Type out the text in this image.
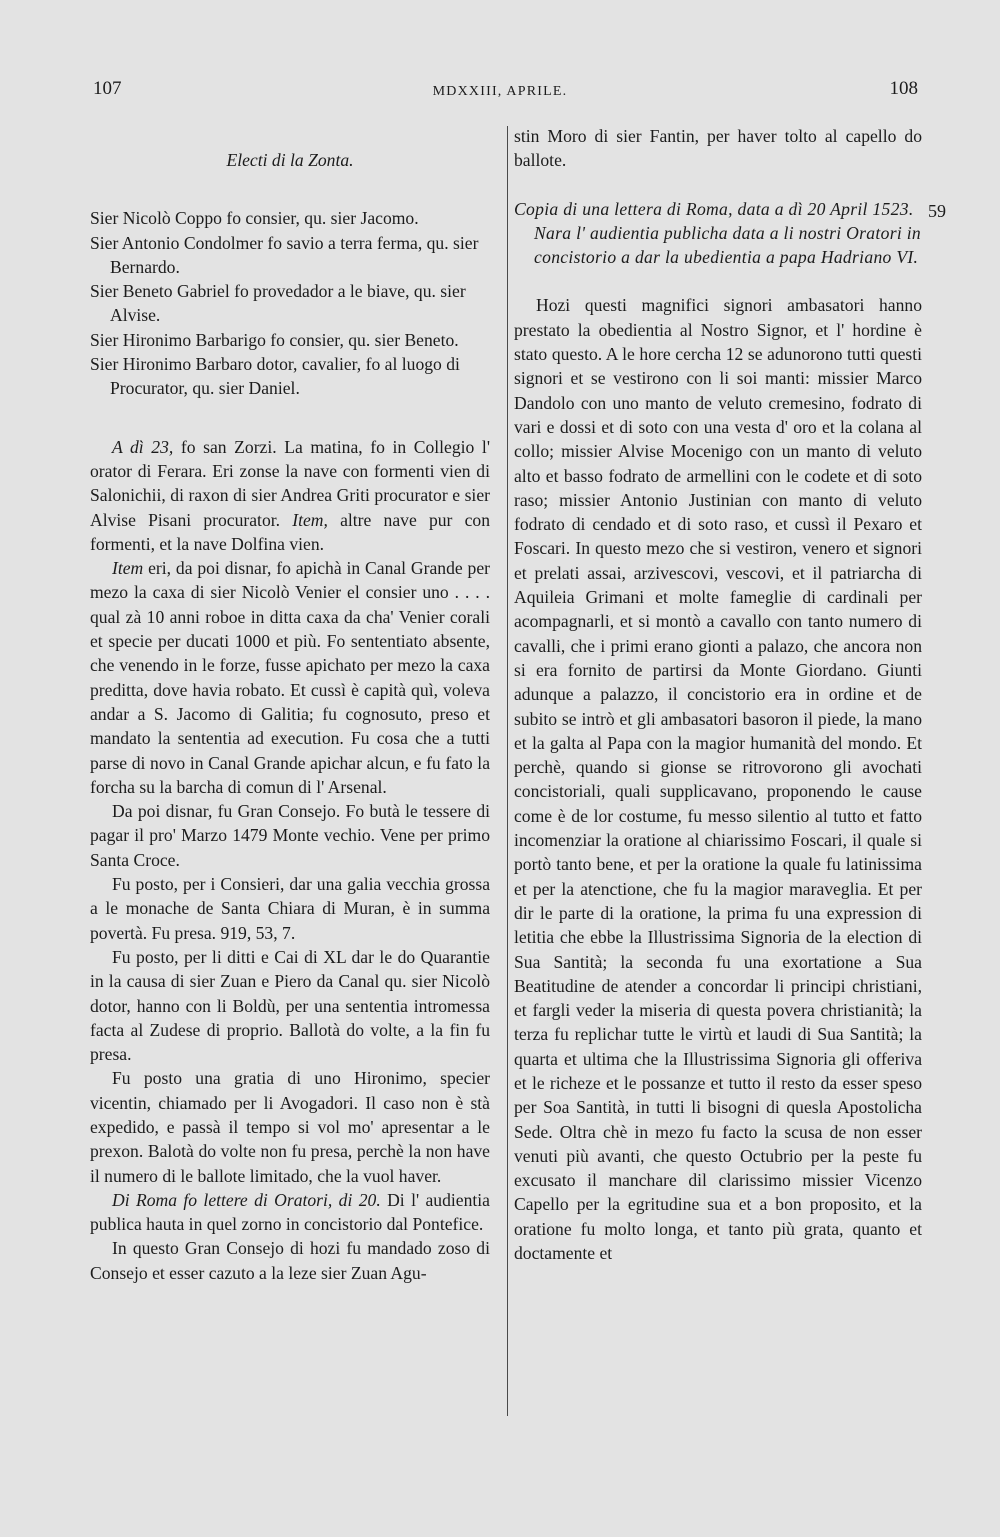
107	MDXXIII, APRILE.	108
59

Electi di la Zonta.

Sier Nicolò Coppo fo consier, qu. sier Jacomo.

Sier Antonio Condolmer fo savio a terra ferma, qu. sier Bernardo.

Sier Beneto Gabriel fo provedador a le biave, qu. sier Alvise.

Sier Hironimo Barbarigo fo consier, qu. sier Beneto.

Sier Hironimo Barbaro dotor, cavalier, fo al luogo di Procurator, qu. sier Daniel.

A dì 23, fo san Zorzi. La matina, fo in Collegio l' orator di Ferara. Eri zonse la nave con formenti vien di Salonichii, di raxon di sier Andrea Griti procurator e sier Alvise Pisani procurator. Item, altre nave pur con formenti, et la nave Dolfina vien.

Item eri, da poi disnar, fo apichà in Canal Grande per mezo la caxa di sier Nicolò Venier el consier uno . . . . qual zà 10 anni roboe in ditta caxa da cha' Venier corali et specie per ducati 1000 et più. Fo sententiato absente, che venendo in le forze, fusse apichato per mezo la caxa preditta, dove havia robato. Et cussì è capità quì, voleva andar a S. Jacomo di Galitia; fu cognosuto, preso et mandato la sententia ad execution. Fu cosa che a tutti parse di novo in Canal Grande apichar alcun, e fu fato la forcha su la barcha di comun di l' Arsenal.

Da poi disnar, fu Gran Consejo. Fo butà le tessere di pagar il pro' Marzo 1479 Monte vechio. Vene per primo Santa Croce.

Fu posto, per i Consieri, dar una galia vecchia grossa a le monache de Santa Chiara di Muran, è in summa povertà. Fu presa. 919, 53, 7.

Fu posto, per li ditti e Cai di XL dar le do Quarantie in la causa di sier Zuan e Piero da Canal qu. sier Nicolò dotor, hanno con li Boldù, per una sententia intromessa facta al Zudese di proprio. Ballotà do volte, a la fin fu presa.

Fu posto una gratia di uno Hironimo, specier vicentin, chiamado per li Avogadori. Il caso non è stà expedido, e passà il tempo si vol mo' apresentar a le prexon. Balotà do volte non fu presa, perchè la non have il numero di le ballote limitado, che la vuol haver.

Di Roma fo lettere di Oratori, di 20. Di l' audientia publica hauta in quel zorno in concistorio dal Pontefice.

In questo Gran Consejo di hozi fu mandado zoso di Consejo et esser cazuto a la leze sier Zuan Agu-

stin Moro di sier Fantin, per haver tolto al capello do ballote.

Copia di una lettera di Roma, data a dì 20 April 1523. Nara l' audientia publicha data a li nostri Oratori in concistorio a dar la ubedientia a papa Hadriano VI.

Hozi questi magnifici signori ambasatori hanno prestato la obedientia al Nostro Signor, et l' hordine è stato questo. A le hore cercha 12 se adunorono tutti questi signori et se vestirono con li soi manti: missier Marco Dandolo con uno manto de veluto cremesino, fodrato di vari e dossi et di soto con una vesta d' oro et la colana al collo; missier Alvise Mocenigo con un manto di veluto alto et basso fodrato de armellini con le codete et di soto raso; missier Antonio Justinian con manto di veluto fodrato di cendado et di soto raso, et cussì il Pexaro et Foscari. In questo mezo che si vestiron, venero et signori et prelati assai, arzivescovi, vescovi, et il patriarcha di Aquileia Grimani et molte fameglie di cardinali per acompagnarli, et si montò a cavallo con tanto numero di cavalli, che i primi erano gionti a palazo, che ancora non si era fornito de partirsi da Monte Giordano. Giunti adunque a palazzo, il concistorio era in ordine et de subito se intrò et gli ambasatori basoron il piede, la mano et la galta al Papa con la magior humanità del mondo. Et perchè, quando si gionse se ritrovorono gli avochati concistoriali, quali supplicavano, proponendo le cause come è de lor costume, fu messo silentio al tutto et fatto incomenziar la oratione al chiarissimo Foscari, il quale si portò tanto bene, et per la oratione la quale fu latinissima et per la atenctione, che fu la magior maraveglia. Et per dir le parte di la oratione, la prima fu una expression di letitia che ebbe la Illustrissima Signoria de la election di Sua Santità; la seconda fu una exortatione a Sua Beatitudine de atender a concordar li principi christiani, et fargli veder la miseria di questa povera christianità; la terza fu replichar tutte le virtù et laudi di Sua Santità; la quarta et ultima che la Illustrissima Signoria gli offeriva et le richeze et le possanze et tutto il resto da esser speso per Soa Santità, in tutti li bisogni di quesla Apostolicha Sede. Oltra chè in mezo fu facto la scusa de non esser venuti più avanti, che questo Octubrio per la peste fu excusato il manchare dil clarissimo missier Vicenzo Capello per la egritudine sua et a bon proposito, et la oratione fu molto longa, et tanto più grata, quanto et doctamente et
